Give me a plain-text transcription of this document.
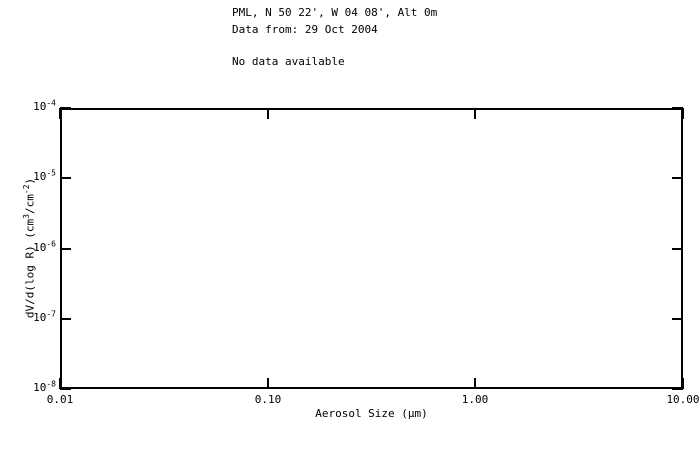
PML, N 50 22', W 04 08', Alt 0m
Data from: 29 Oct 2004
No data available
0.01	0.10	1.00	10.00
$10^{-4}$
$10^{-5}$
$10^{-6}$
$10^{-7}$
$10^{-8}$
Aerosol Size (µm)
dV/d(log R) $(cm^3/cm^{-2})$
